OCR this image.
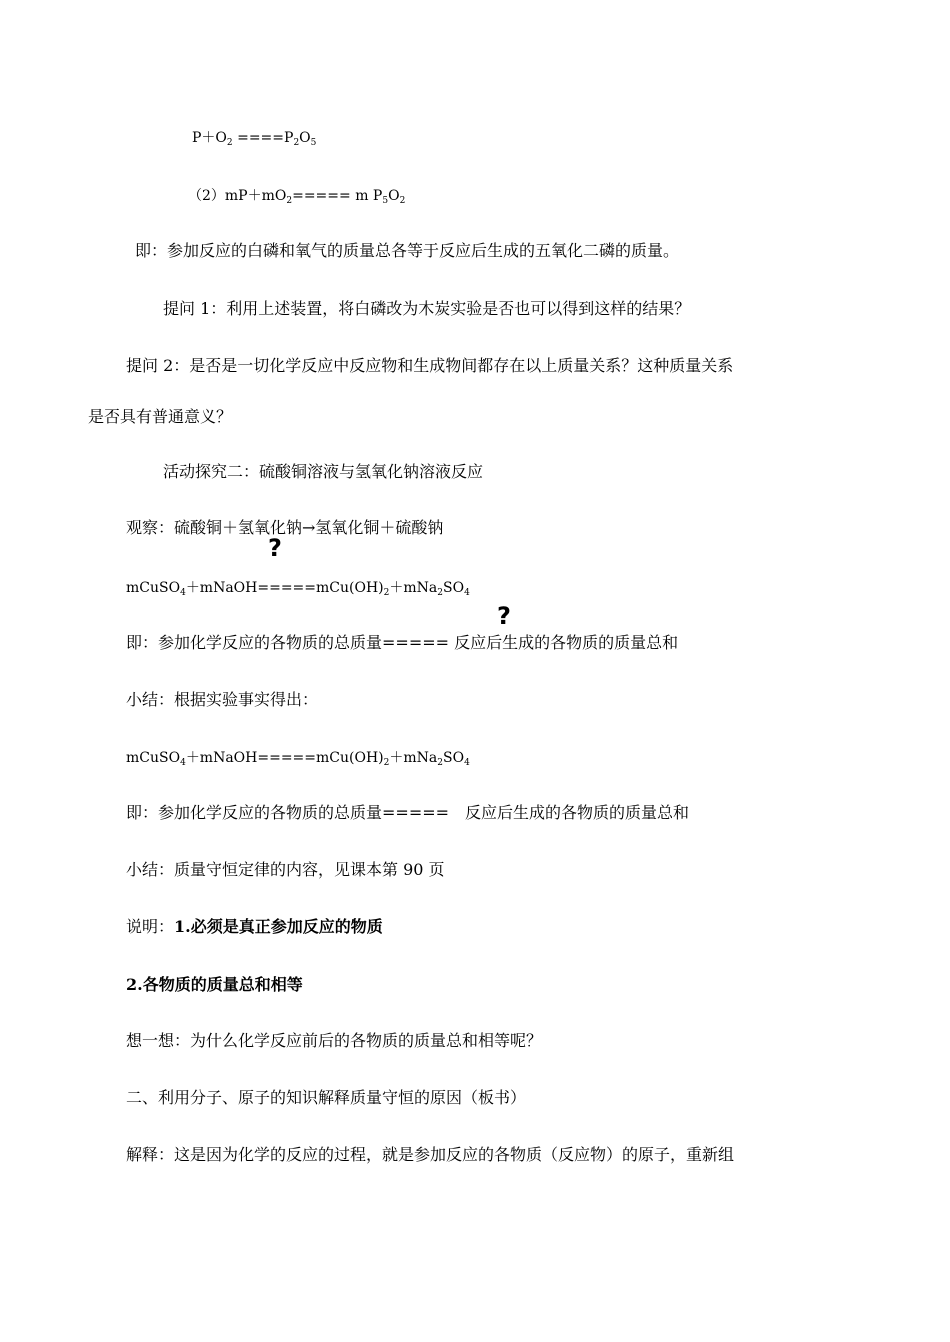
$P+O_2 ====P_2O_5$
$(2)mP+mO_2===== m$ $P_5O_2$
即：参加反应的白磷和氧气的质量总各等于反应后生成的五氧化二磷的质量。
提问 1：利用上述装置，将白磷改为木炭实验是否也可以得到这样的结果？
提问 2：是否是一切化学反应中反应物和生成物间都存在以上质量关系？这种质量关系
是否具有普通意义？
活动探究二：硫酸铜溶液与氢氧化钠溶液反应
观察：硫酸铜＋氢氧化钠→氢氧化铜＋硫酸钠
?
$mCuSO_4+mNaOH=====mCu(OH)_2+mNa_2SO_4$
?
即：参加化学反应的各物质的总质量===== 反应后生成的各物质的质量总和
小结：根据实验事实得出：
$mCuSO_4+mNaOH=====mCu(OH)_2+mNa_2SO_4$
即：参加化学反应的各物质的总质量=====　反应后生成的各物质的质量总和
小结：质量守恒定律的内容，见课本第 90 页
说明：1.必须是真正参加反应的物质
2.各物质的质量总和相等
想一想：为什么化学反应前后的各物质的质量总和相等呢？
二、利用分子、原子的知识解释质量守恒的原因（板书）
解释：这是因为化学的反应的过程，就是参加反应的各物质（反应物）的原子，重新组
